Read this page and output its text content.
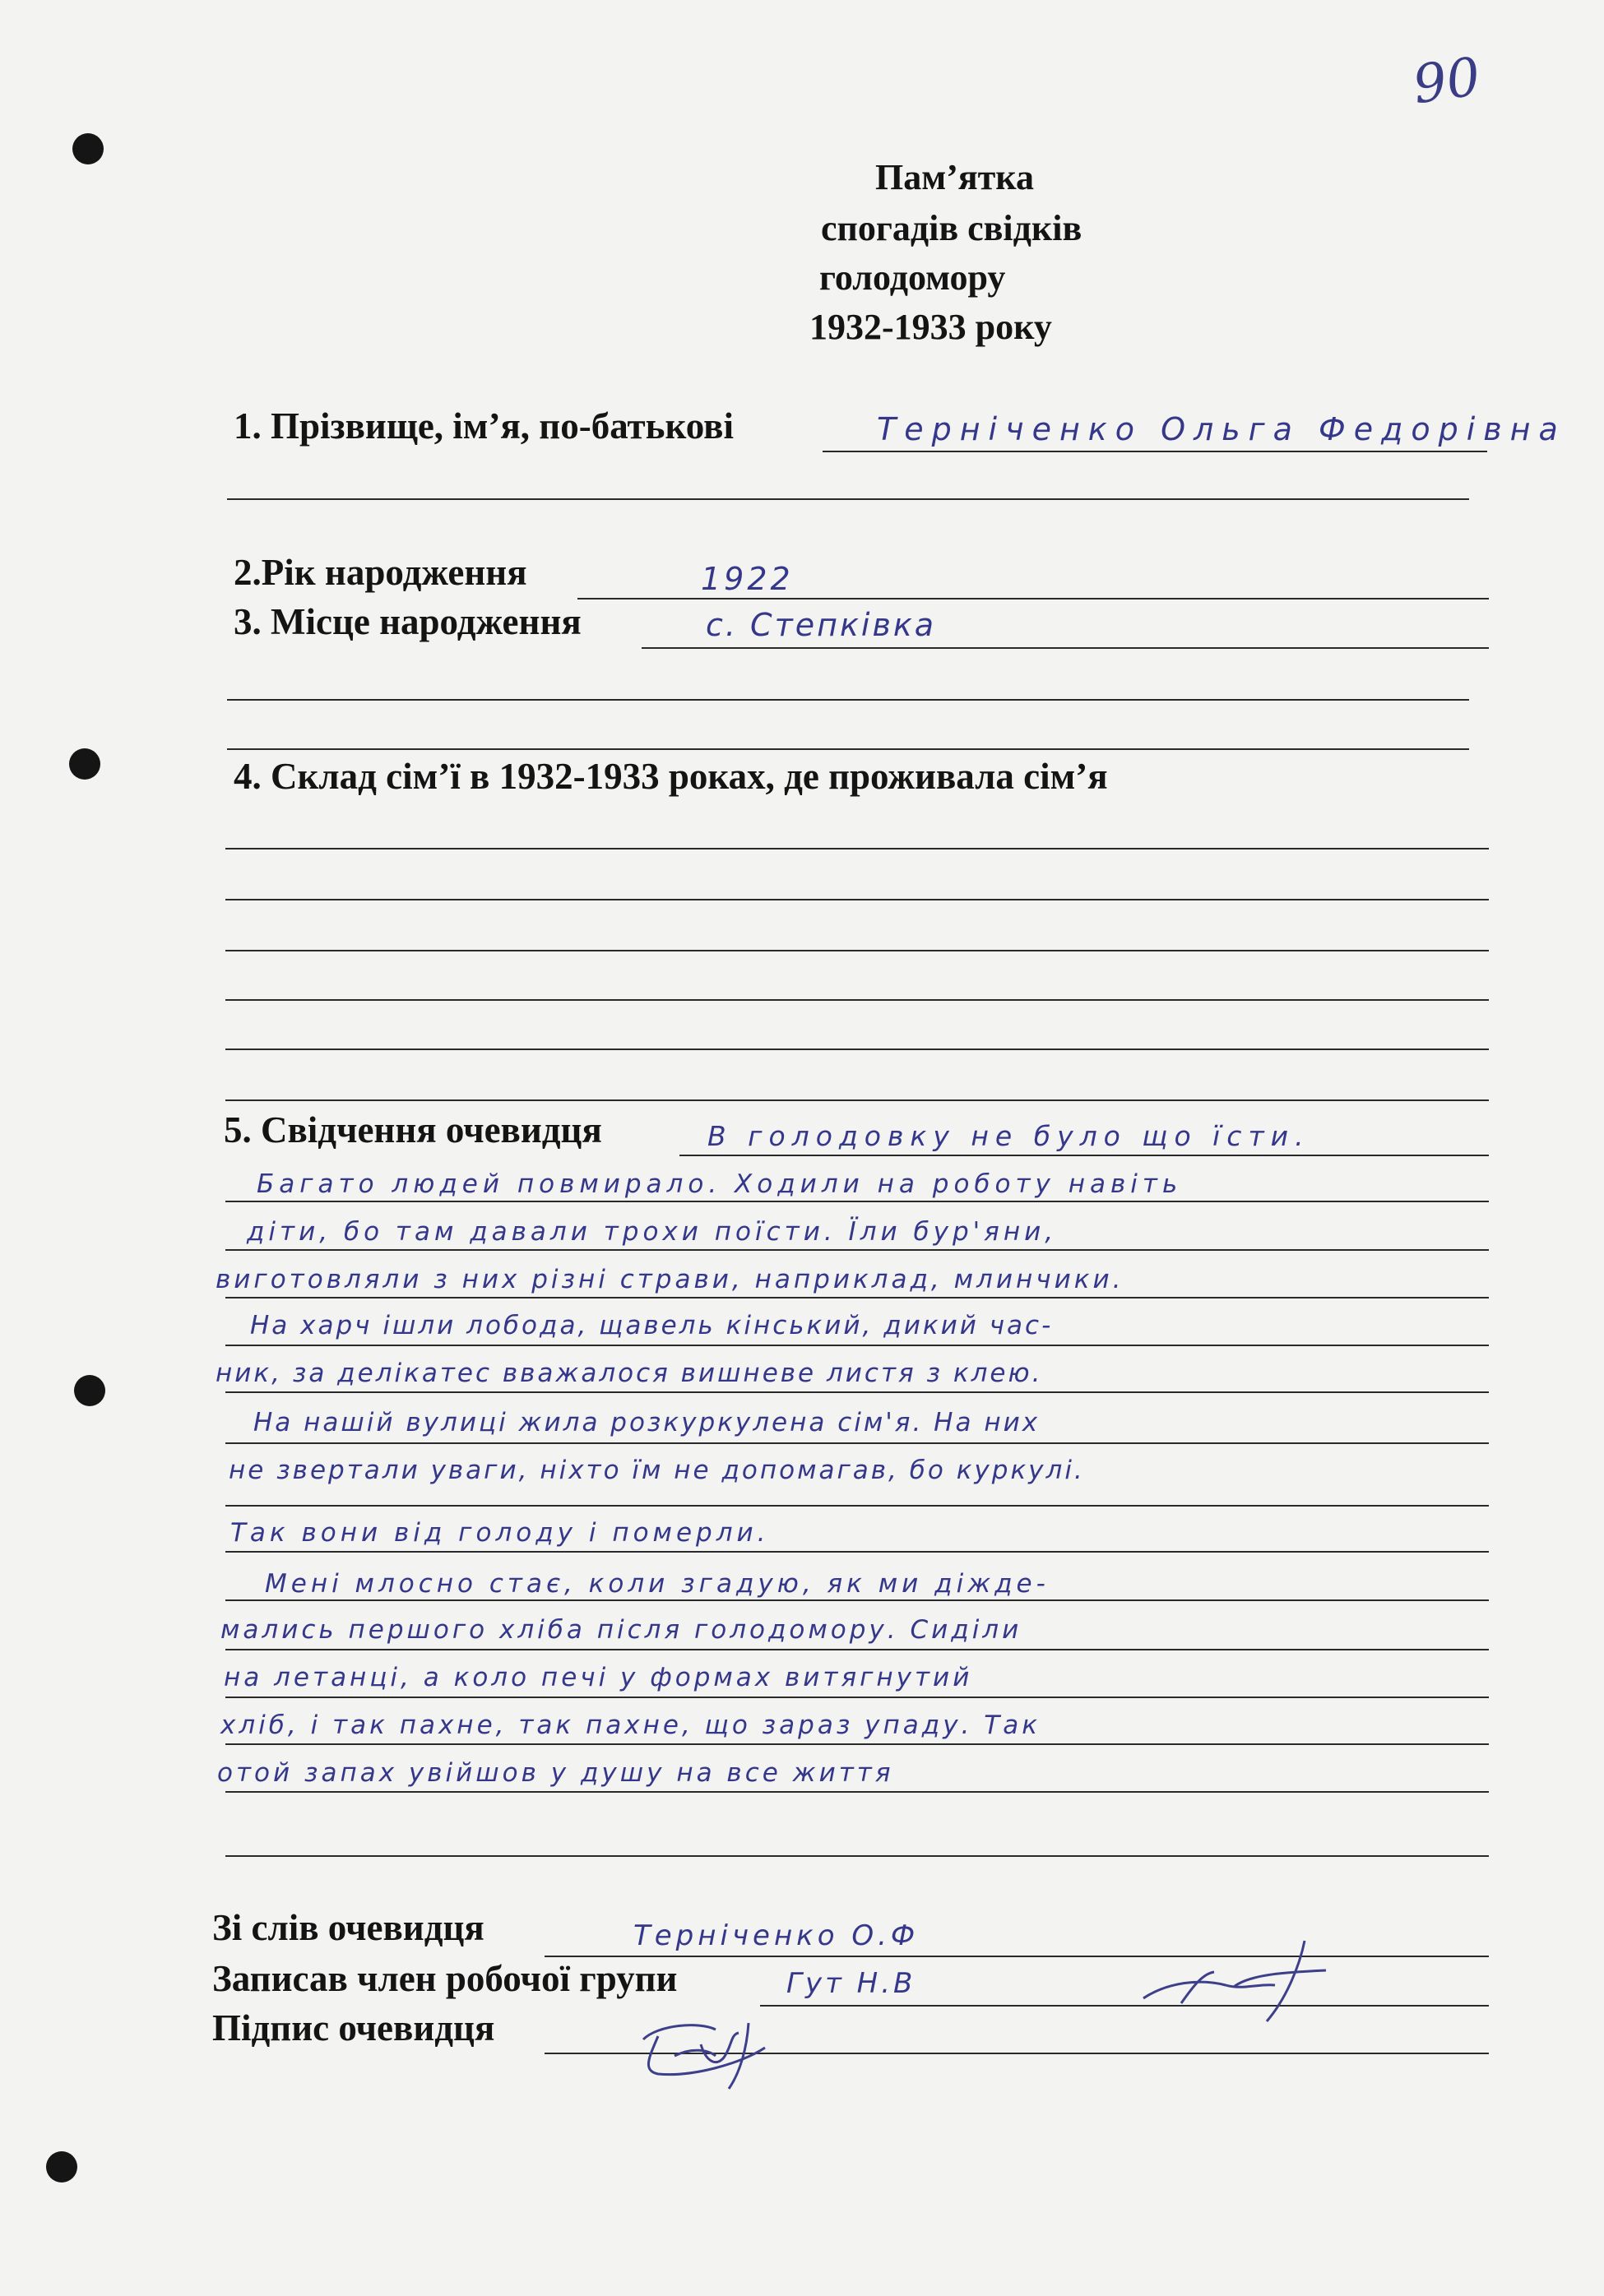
90
Пам’ятка
спогадів свідків
голодомору
1932-1933 року
1. Прізвище, ім’я, по-батькові	Терніченко Ольга Федорівна
2.Рік народження	1922
3. Місце народження	с. Степківка
4. Склад сім’ї в 1932-1933 роках, де проживала сім’я
5. Свідчення очевидця	В голодовку не було що їсти.
Багато людей повмирало. Ходили на роботу навіть
діти, бо там давали трохи поїсти. Їли бур'яни,
виготовляли з них різні страви, наприклад, млинчики.
На харч ішли лобода, щавель кінський, дикий час-
ник, за делікатес вважалося вишневе листя з клею.
На нашій вулиці жила розкуркулена сім'я. На них
не звертали уваги, ніхто їм не допомагав, бо куркулі.
Так вони від голоду і померли.
Мені млосно стає, коли згадую, як ми діжде-
мались першого хліба після голодомору. Сиділи
на летанці, а коло печі у формах витягнутий
хліб, і так пахне, так пахне, що зараз упаду. Так
отой запах увійшов у душу на все життя
Зі слів очевидця	Терніченко О.Ф
Записав член робочої групи	Гут Н.В
Підпис очевидця
